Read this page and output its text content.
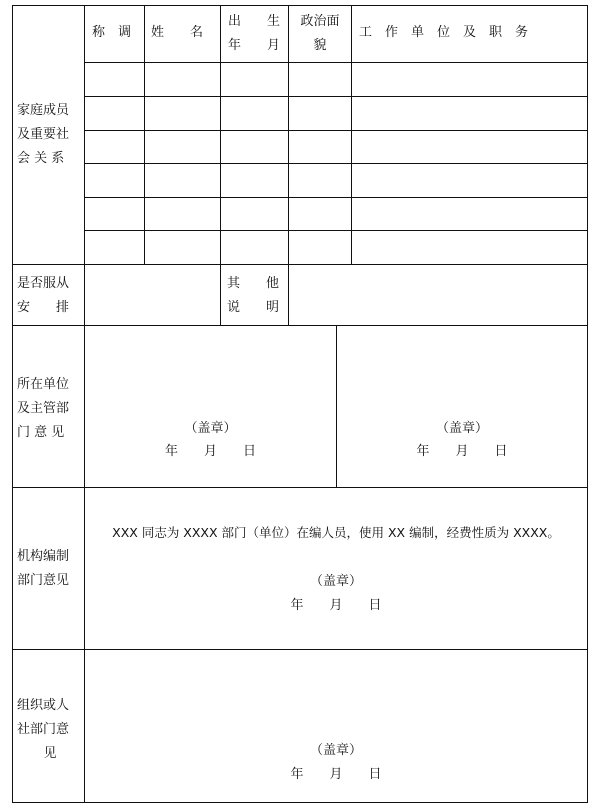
家庭成员
及重要社
会 关 系
称　调 姓　　名
出　　生
年　　月
政治面
貌
工　作　单　位　及　职　务
是否服从
安　　排
其　　他
说　　明
所在单位
及主管部
门 意 见	（盖章）
年　　月　　日
（盖章）
年　　月　　日
机构编制
部门意见
XXX 同志为 XXXX 部门（单位）在编人员，使用 XX 编制，经费性质为 XXXX。
（盖章）
年　　月　　日
组织或人
社部门意
见	（盖章）
年　　月　　日
